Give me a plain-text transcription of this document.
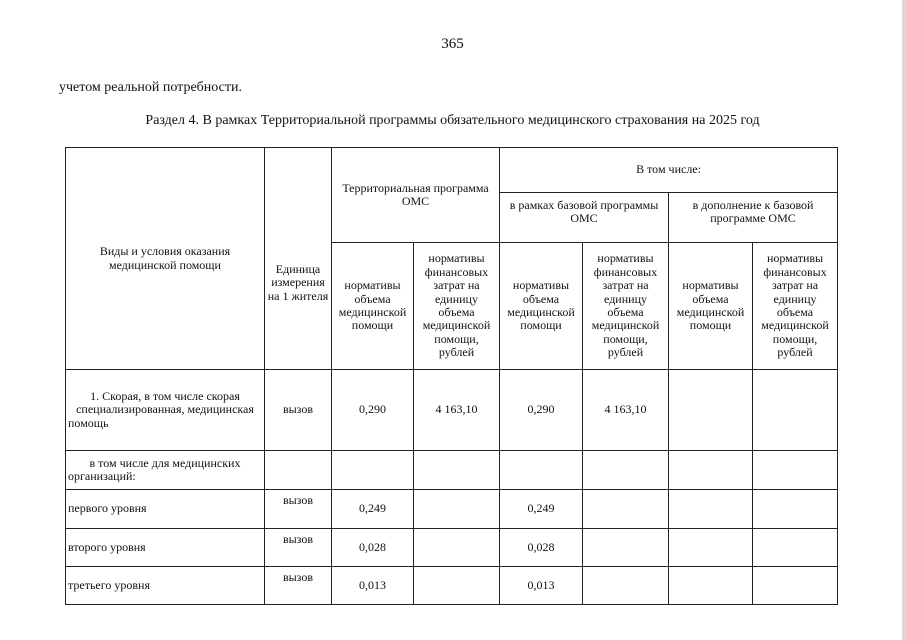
365
учетом реальной потребности.
Раздел 4. В рамках Территориальной программы обязательного медицинского страхования на 2025 год
Виды и условия оказания медицинской помощи	Единица измерения на 1 жителя	Территориальная программа ОМС		В том числе:			
				в рамках базовой программы ОМС		в дополнение к базовой программе ОМС	
		нормативы объема медицинской помощи	нормативы финансовых затрат на единицу объема медицинской помощи, рублей	нормативы объема медицинской помощи	нормативы финансовых затрат на единицу объема медицинской помощи, рублей	нормативы объема медицинской помощи	нормативы финансовых затрат на единицу объема медицинской помощи, рублей
1. Скорая, в том числе скорая специализированная, медицинская помощь	вызов	0,290	4 163,10	0,290	4 163,10		
в том числе для медицинских организаций:							
первого уровня	вызов	0,249		0,249			
второго уровня	вызов	0,028		0,028			
третьего уровня	вызов	0,013		0,013			
